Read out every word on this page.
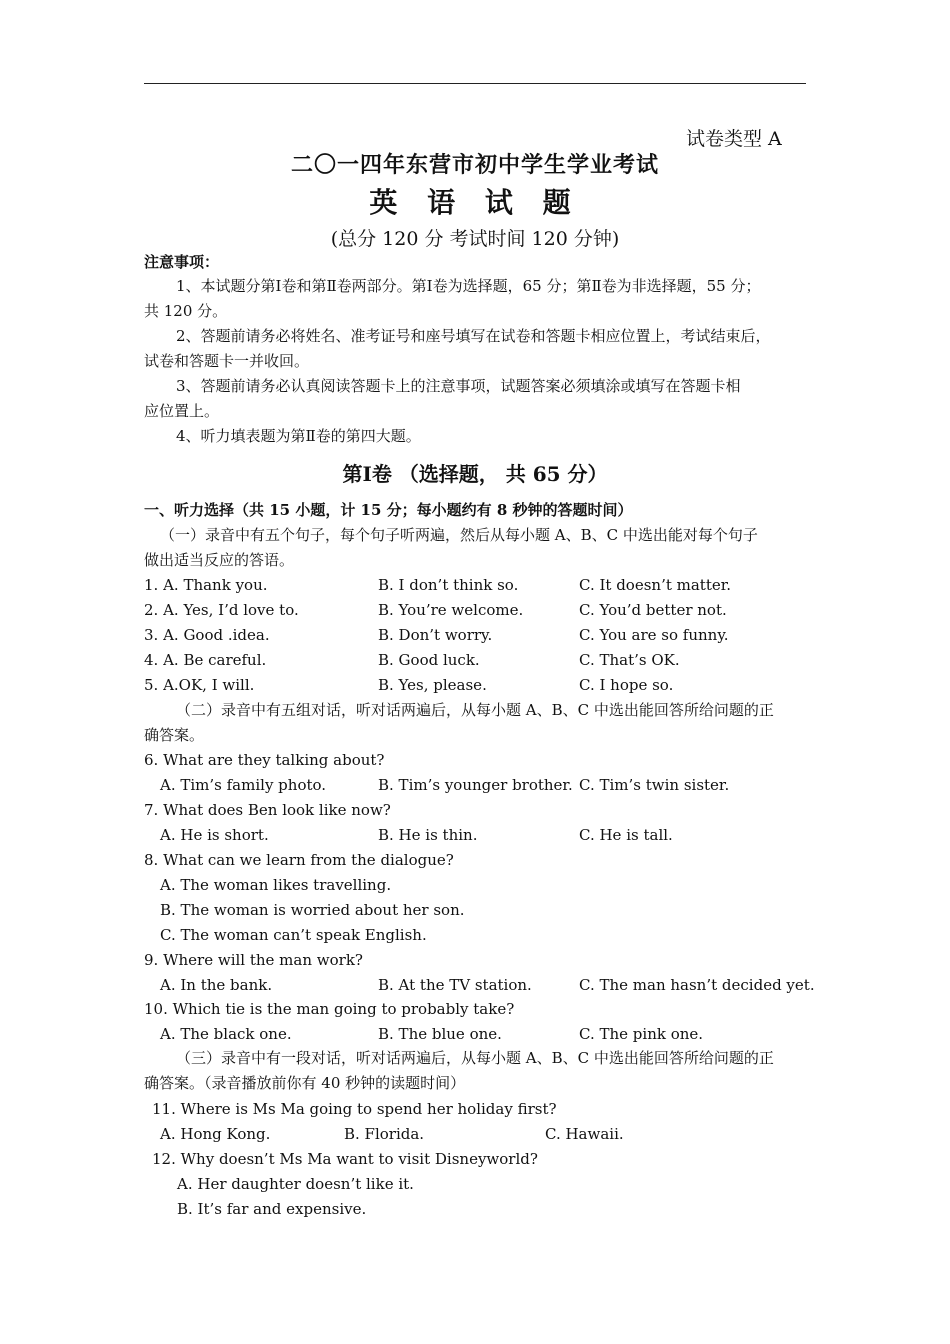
试卷类型 A
二〇一四年东营市初中学生学业考试
英 语 试 题
(总分 120 分 考试时间 120 分钟)
注意事项：
1、本试题分第Ⅰ卷和第Ⅱ卷两部分。第Ⅰ卷为选择题，65 分；第Ⅱ卷为非选择题，55 分；
共 120 分。
2、答题前请务必将姓名、准考证号和座号填写在试卷和答题卡相应位置上，考试结束后，
试卷和答题卡一并收回。
3、答题前请务必认真阅读答题卡上的注意事项，试题答案必须填涂或填写在答题卡相
应位置上。
4、听力填表题为第Ⅱ卷的第四大题。
第Ⅰ卷 （选择题， 共 65 分）
一、听力选择（共 15 小题，计 15 分；每小题约有 8 秒钟的答题时间）
（一）录音中有五个句子，每个句子听两遍，然后从每小题 A、B、C 中选出能对每个句子
做出适当反应的答语。
1. A. Thank you.	B. I don’t think so.	C. It doesn’t matter.
2. A. Yes, I’d love to.	B. You’re welcome.	C. You’d better not.
3. A. Good .idea.	B. Don’t worry.	C. You are so funny.
4. A. Be careful.	B. Good luck.	C. That’s OK.
5. A.OK, I will.	B. Yes, please.	C. I hope so.
（二）录音中有五组对话，听对话两遍后，从每小题 A、B、C 中选出能回答所给问题的正
确答案。
6. What are they talking about?
A. Tim’s family photo.	B. Tim’s younger brother. C. Tim’s twin sister.
7. What does Ben look like now?
A. He is short.	B. He is thin.	C. He is tall.
8. What can we learn from the dialogue?
A. The woman likes travelling.
B. The woman is worried about her son.
C. The woman can’t speak English.
9. Where will the man work?
A. In the bank.	B. At the TV station.	C. The man hasn’t decided yet.
10. Which tie is the man going to probably take?
A. The black one.	B. The blue one.	C. The pink one.
（三）录音中有一段对话，听对话两遍后，从每小题 A、B、C 中选出能回答所给问题的正
确答案。（录音播放前你有 40 秒钟的读题时间）
11. Where is Ms Ma going to spend her holiday first?
A. Hong Kong.	B. Florida.	C. Hawaii.
12. Why doesn’t Ms Ma want to visit Disneyworld?
A. Her daughter doesn’t like it.
B. It’s far and expensive.
